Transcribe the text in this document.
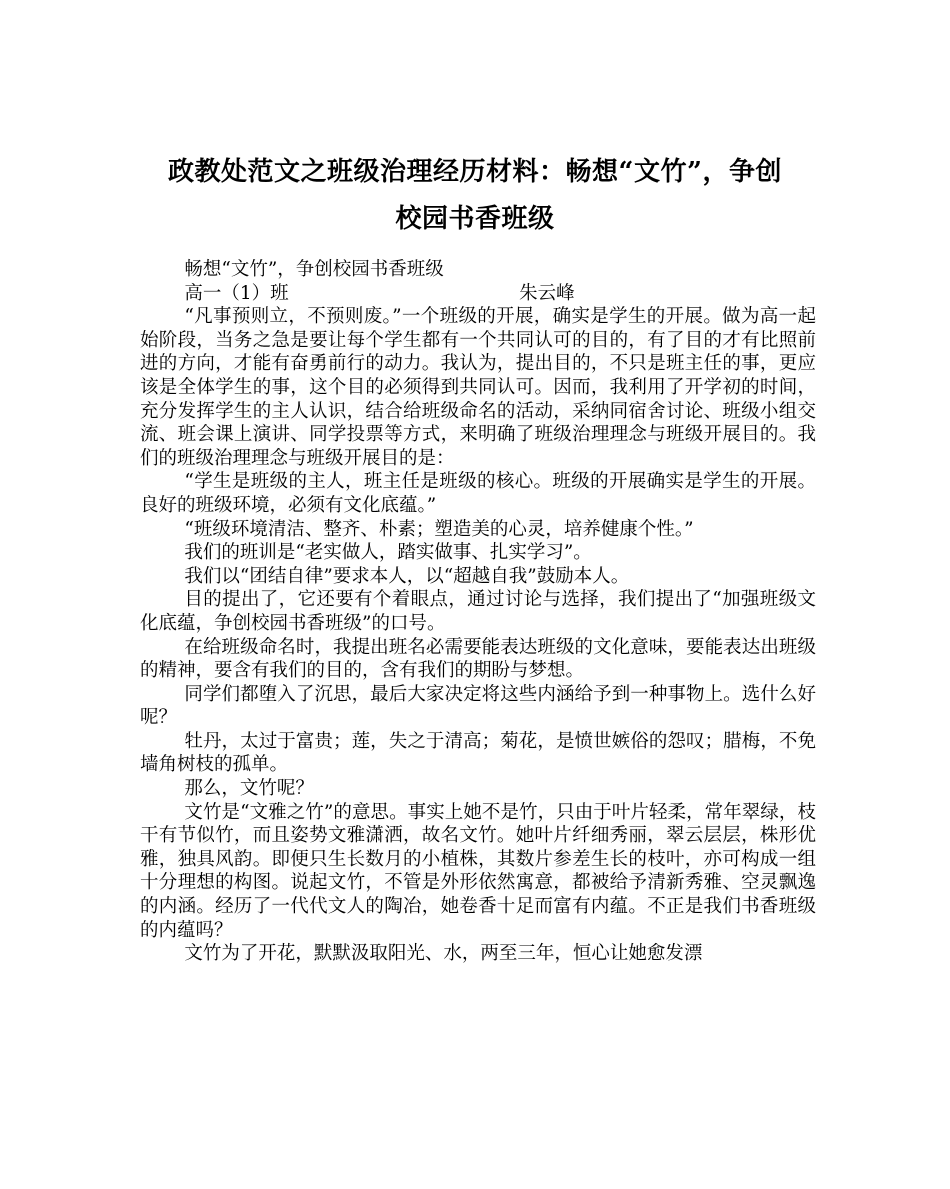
政教处范文之班级治理经历材料：畅想“文竹”，争创
校园书香班级

畅想“文竹”，争创校园书香班级

高一（1）班	朱云峰

“凡事预则立，不预则废。”一个班级的开展，确实是学生的开展。做为高一起始阶段，当务之急是要让每个学生都有一个共同认可的目的，有了目的才有比照前进的方向，才能有奋勇前行的动力。我认为，提出目的，不只是班主任的事，更应该是全体学生的事，这个目的必须得到共同认可。因而，我利用了开学初的时间，充分发挥学生的主人认识，结合给班级命名的活动，采纳同宿舍讨论、班级小组交流、班会课上演讲、同学投票等方式，来明确了班级治理理念与班级开展目的。我们的班级治理理念与班级开展目的是：

“学生是班级的主人，班主任是班级的核心。班级的开展确实是学生的开展。良好的班级环境，必须有文化底蕴。”

“班级环境清洁、整齐、朴素；塑造美的心灵，培养健康个性。”

我们的班训是“老实做人，踏实做事、扎实学习”。

我们以“团结自律”要求本人，以“超越自我”鼓励本人。

目的提出了，它还要有个着眼点，通过讨论与选择，我们提出了“加强班级文化底蕴，争创校园书香班级”的口号。

在给班级命名时，我提出班名必需要能表达班级的文化意味，要能表达出班级的精神，要含有我们的目的，含有我们的期盼与梦想。

同学们都堕入了沉思，最后大家决定将这些内涵给予到一种事物上。选什么好呢？

牡丹，太过于富贵；莲，失之于清高；菊花，是愤世嫉俗的怨叹；腊梅，不免墙角树枝的孤单。

那么，文竹呢？

文竹是“文雅之竹”的意思。事实上她不是竹，只由于叶片轻柔，常年翠绿，枝干有节似竹，而且姿势文雅潇洒，故名文竹。她叶片纤细秀丽，翠云层层，株形优雅，独具风韵。即便只生长数月的小植株，其数片参差生长的枝叶，亦可构成一组十分理想的构图。说起文竹，不管是外形依然寓意，都被给予清新秀雅、空灵飘逸的内涵。经历了一代代文人的陶冶，她卷香十足而富有内蕴。不正是我们书香班级的内蕴吗？

文竹为了开花，默默汲取阳光、水，两至三年，恒心让她愈发漂
